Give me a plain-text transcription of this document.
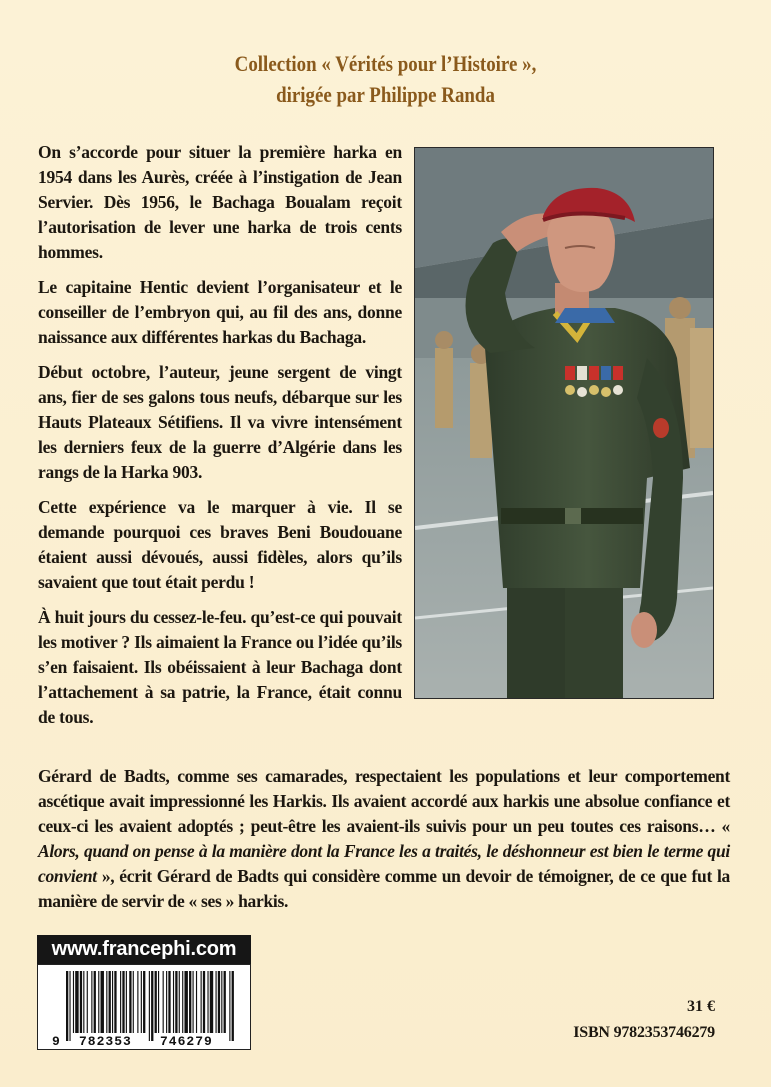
Collection « Vérités pour l’Histoire »,
dirigée par Philippe Randa

On s’accorde pour situer la première harka en 1954 dans les Aurès, créée à l’instigation de Jean Servier. Dès 1956, le Bachaga Boualam reçoit l’autorisation de lever une harka de trois cents hommes.

Le capitaine Hentic devient l’organisateur et le conseiller de l’embryon qui, au fil des ans, donne naissance aux différentes harkas du Bachaga.

Début octobre, l’auteur, jeune sergent de vingt ans, fier de ses galons tous neufs, débarque sur les Hauts Plateaux Sétifiens. Il va vivre intensément les derniers feux de la guerre d’Algérie dans les rangs de la Harka 903.

Cette expérience va le marquer à vie. Il se demande pourquoi ces braves Beni Boudouane étaient aussi dévoués, aussi fidèles, alors qu’ils savaient que tout était perdu !

À huit jours du cessez-le-feu. qu’est-ce qui pouvait les motiver ? Ils aimaient la France ou l’idée qu’ils s’en faisaient. Ils obéissaient à leur Bachaga dont l’attachement à sa patrie, la France, était connu de tous.

Gérard de Badts, comme ses camarades, respectaient les populations et leur comportement ascétique avait impressionné les Harkis. Ils avaient accordé aux harkis une absolue confiance et ceux-ci les avaient adoptés ; peut-être les avaient-ils suivis pour un peu toutes ces raisons… « Alors, quand on pense à la manière dont la France les a traités, le déshonneur est bien le terme qui convient », écrit Gérard de Badts qui considère comme un devoir de témoigner, de ce que fut la manière de servir de « ses » harkis.

www.francephi.com
9 782353 746279
31 €
ISBN 9782353746279
